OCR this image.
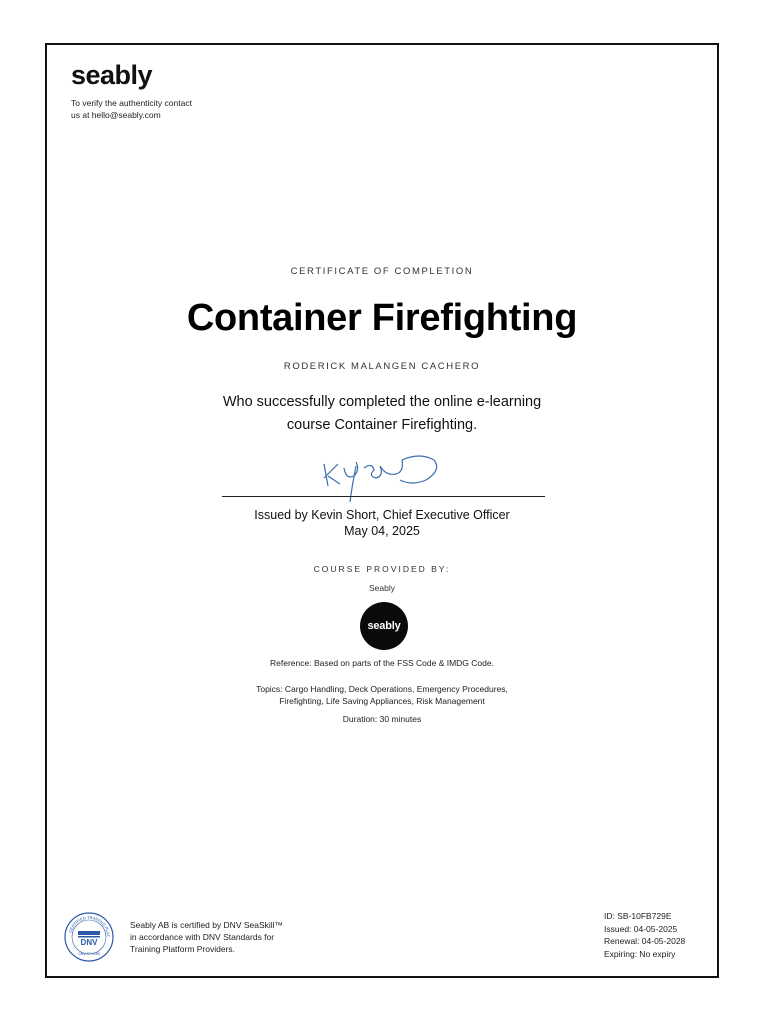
seably
To verify the authenticity contact
us at hello@seably.com
CERTIFICATE OF COMPLETION
Container Firefighting
RODERICK MALANGEN CACHERO
Who successfully completed the online e-learning
course Container Firefighting.
Issued by Kevin Short, Chief Executive Officer
May 04, 2025
COURSE PROVIDED BY:
Seably
seably
Reference: Based on parts of the FSS Code & IMDG Code.
Topics: Cargo Handling, Deck Operations, Emergency Procedures,
Firefighting, Life Saving Appliances, Risk Management
Duration: 30 minutes
CERTIFIED TRAINING PLAT
DNV
DNV-ST-0185
Seably AB is certified by DNV SeaSkill™
in accordance with DNV Standards for
Training Platform Providers.
ID: SB-10FB729E
Issued: 04-05-2025
Renewal: 04-05-2028
Expiring: No expiry
